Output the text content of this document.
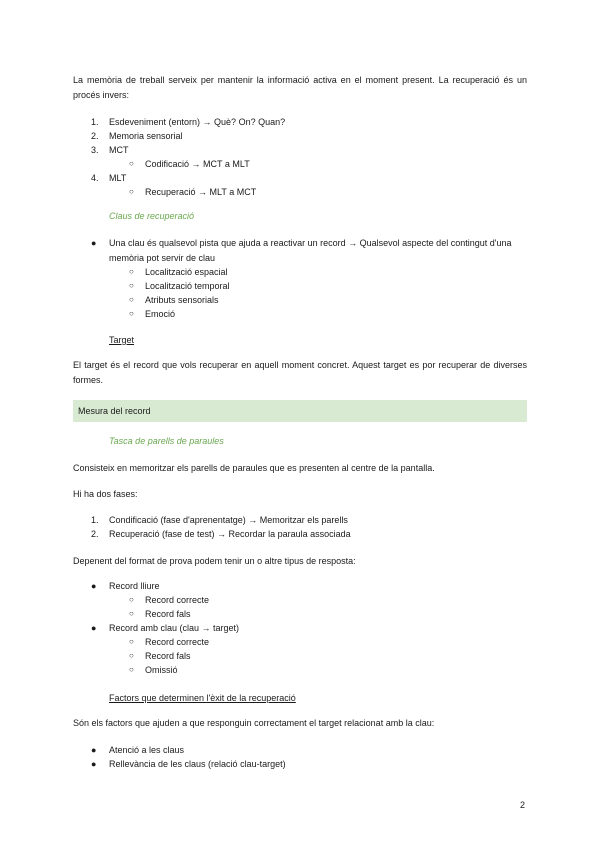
La memòria de treball serveix per mantenir la informació activa en el moment present. La recuperació és un procés invers:

1. Esdeveniment (entorn) → Què? On? Quan?
2. Memoria sensorial
3. MCT
○ Codificació → MCT a MLT
4. MLT
○ Recuperació → MLT a MCT

Claus de recuperació

● Una clau és qualsevol pista que ajuda a reactivar un record → Qualsevol aspecte del contingut d'una memòria pot servir de clau
○ Localització espacial
○ Localització temporal
○ Atributs sensorials
○ Emoció

Target

El target és el record que vols recuperar en aquell moment concret. Aquest target es por recuperar de diverses formes.

Mesura del record

Tasca de parells de paraules

Consisteix en memoritzar els parells de paraules que es presenten al centre de la pantalla.

Hi ha dos fases:

1. Condificació (fase d'aprenentatge) → Memoritzar els parells
2. Recuperació (fase de test) → Recordar la paraula associada

Depenent del format de prova podem tenir un o altre tipus de resposta:

● Record lliure
○ Record correcte
○ Record fals
● Record amb clau (clau → target)
○ Record correcte
○ Record fals
○ Omissió

Factors que determinen l'èxit de la recuperació

Són els factors que ajuden a que responguin correctament el target relacionat amb la clau:

● Atenció a les claus
● Rellevància de les claus (relació clau-target)
2
